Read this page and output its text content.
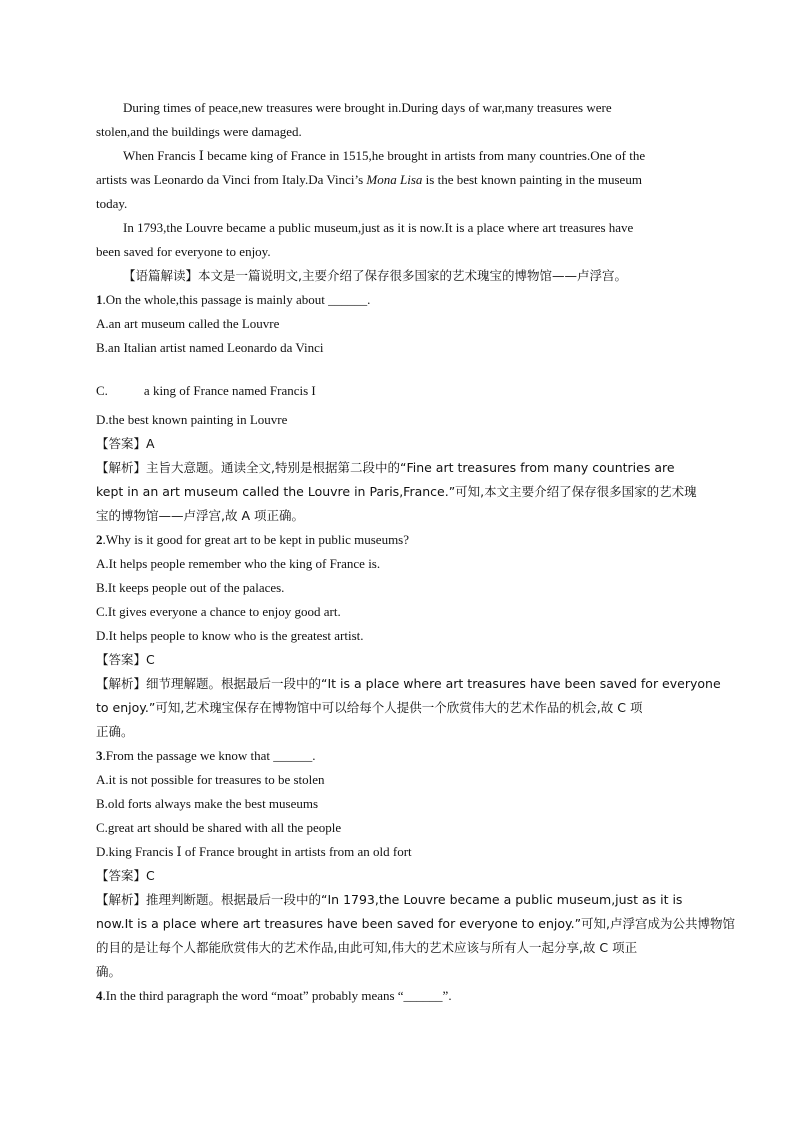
During times of peace,new treasures were brought in.During days of war,many treasures were
stolen,and the buildings were damaged.
When Francis Ⅰ became king of France in 1515,he brought in artists from many countries.One of the
artists was Leonardo da Vinci from Italy.Da Vinci’s Mona Lisa is the best known painting in the museum
today.
In 1793,the Louvre became a public museum,just as it is now.It is a place where art treasures have
been saved for everyone to enjoy.
【语篇解读】本文是一篇说明文,主要介绍了保存很多国家的艺术瑰宝的博物馆——卢浮宫。
1.On the whole,this passage is mainly about ______.
A.an art museum called the Louvre
B.an Italian artist named Leonardo da Vinci
C.	a king of France named Francis I
D.the best known painting in Louvre
【答案】A
【解析】主旨大意题。通读全文,特别是根据第二段中的“Fine art treasures from many countries are
kept in an art museum called the Louvre in Paris,France.”可知,本文主要介绍了保存很多国家的艺术瑰
宝的博物馆——卢浮宫,故 A 项正确。
2.Why is it good for great art to be kept in public museums?
A.It helps people remember who the king of France is.
B.It keeps people out of the palaces.
C.It gives everyone a chance to enjoy good art.
D.It helps people to know who is the greatest artist.
【答案】C
【解析】细节理解题。根据最后一段中的“It is a place where art treasures have been saved for everyone
to enjoy.”可知,艺术瑰宝保存在博物馆中可以给每个人提供一个欣赏伟大的艺术作品的机会,故 C 项
正确。
3.From the passage we know that ______.
A.it is not possible for treasures to be stolen
B.old forts always make the best museums
C.great art should be shared with all the people
D.king Francis Ⅰ of France brought in artists from an old fort
【答案】C
【解析】推理判断题。根据最后一段中的“In 1793,the Louvre became a public museum,just as it is
now.It is a place where art treasures have been saved for everyone to enjoy.”可知,卢浮宫成为公共博物馆
的目的是让每个人都能欣赏伟大的艺术作品,由此可知,伟大的艺术应该与所有人一起分享,故 C 项正
确。
4.In the third paragraph the word “moat” probably means “______”.
